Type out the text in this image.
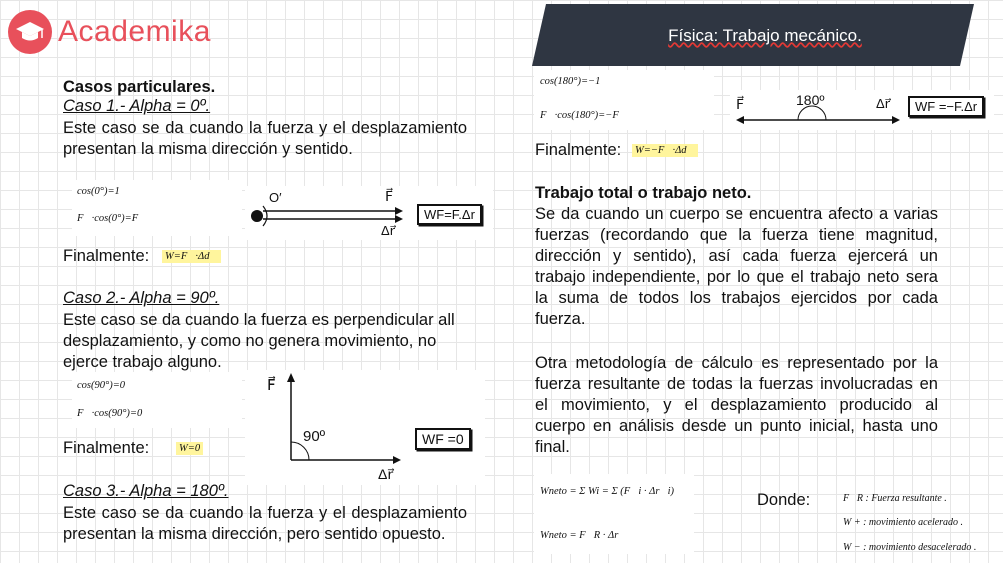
Academika	Física: Trabajo mecánico.
Casos particulares.
Caso 1.- Alpha = 0º.
Este caso se da cuando la fuerza y el desplazamiento presentan la misma dirección y sentido.
cos(0°)=1
F⃗·cos(0°)=F⃗
O′	F⃗
Δr⃗
WF=F.Δr
Finalmente: W=F⃗·Δd⃗
Caso 2.- Alpha = 90º.
Este caso se da cuando la fuerza es perpendicular all desplazamiento, y como no genera movimiento, no ejerce trabajo alguno.
cos(90°)=0
F⃗·cos(90°)=0⃗
Finalmente:	W=0
F⃗
90º
Δr⃗
WF =0
Caso 3.- Alpha = 180º.
Este caso se da cuando la fuerza y el desplazamiento presentan la misma dirección, pero sentido opuesto.
cos(180°)=−1
F⃗·cos(180°)=−F⃗
F⃗	180º	Δr⃗	WF =−F.Δr
Finalmente: W=−F⃗·Δd⃗
Trabajo total o trabajo neto.
Se da cuando un cuerpo se encuentra afecto a varias fuerzas (recordando que la fuerza tiene magnitud, dirección y sentido), así cada fuerza ejercerá un trabajo independiente, por lo que el trabajo neto sera la suma de todos los trabajos ejercidos por cada fuerza.
Otra metodología de cálculo es representado por la fuerza resultante de todas la fuerzas involucradas en el movimiento, y el desplazamiento producido al cuerpo en análisis desde un punto inicial, hasta uno final.
Wneto = Σ Wi = Σ (F⃗i · Δr⃗i)
Wneto = F⃗R · Δr⃗
Donde:	F⃗R : Fuerza resultante .
W + : movimiento acelerado .
W − : movimiento desacelerado .
